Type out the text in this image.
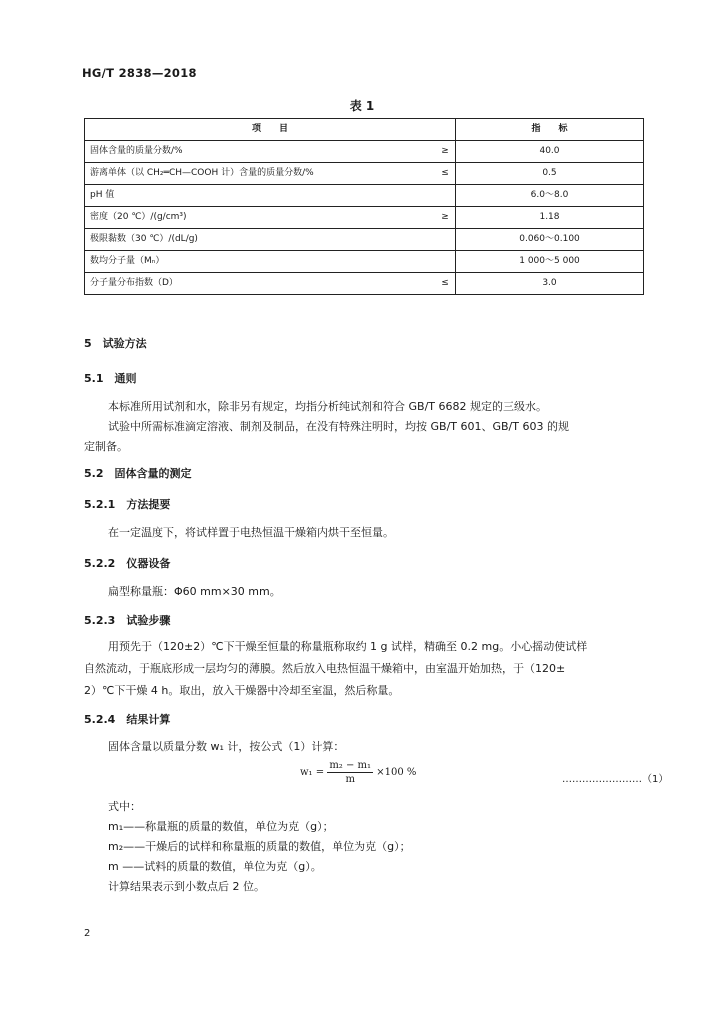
HG/T 2838—2018
表 1
项　　目		指　　标
固体含量的质量分数/%	≥	40.0
游离单体（以 CH₂═CH—COOH 计）含量的质量分数/%	≤	0.5
pH 值		6.0～8.0
密度（20 ℃）/(g/cm³)	≥	1.18
极限黏数（30 ℃）/(dL/g)		0.060～0.100
数均分子量（Mₙ）		1 000～5 000
分子量分布指数（D）	≤	3.0
5　试验方法
5.1　通则
本标准所用试剂和水，除非另有规定，均指分析纯试剂和符合 GB/T 6682 规定的三级水。
试验中所需标准滴定溶液、制剂及制品，在没有特殊注明时，均按 GB/T 601、GB/T 603 的规
定制备。
5.2　固体含量的测定
5.2.1　方法提要
在一定温度下，将试样置于电热恒温干燥箱内烘干至恒量。
5.2.2　仪器设备
扁型称量瓶：Φ60 mm×30 mm。
5.2.3　试验步骤
用预先于（120±2）℃下干燥至恒量的称量瓶称取约 1 g 试样，精确至 0.2 mg。小心摇动使试样
自然流动，于瓶底形成一层均匀的薄膜。然后放入电热恒温干燥箱中，由室温开始加热，于（120±
2）℃下干燥 4 h。取出，放入干燥器中冷却至室温，然后称量。
5.2.4　结果计算
固体含量以质量分数 w₁ 计，按公式（1）计算：
$w_1 = \frac{\text{m₂ − m₁}}{m} \times 100$ %
……………………（1）
式中：
m₁——称量瓶的质量的数值，单位为克（g）；
m₂——干燥后的试样和称量瓶的质量的数值，单位为克（g）；
m ——试料的质量的数值，单位为克（g）。
计算结果表示到小数点后 2 位。
2
